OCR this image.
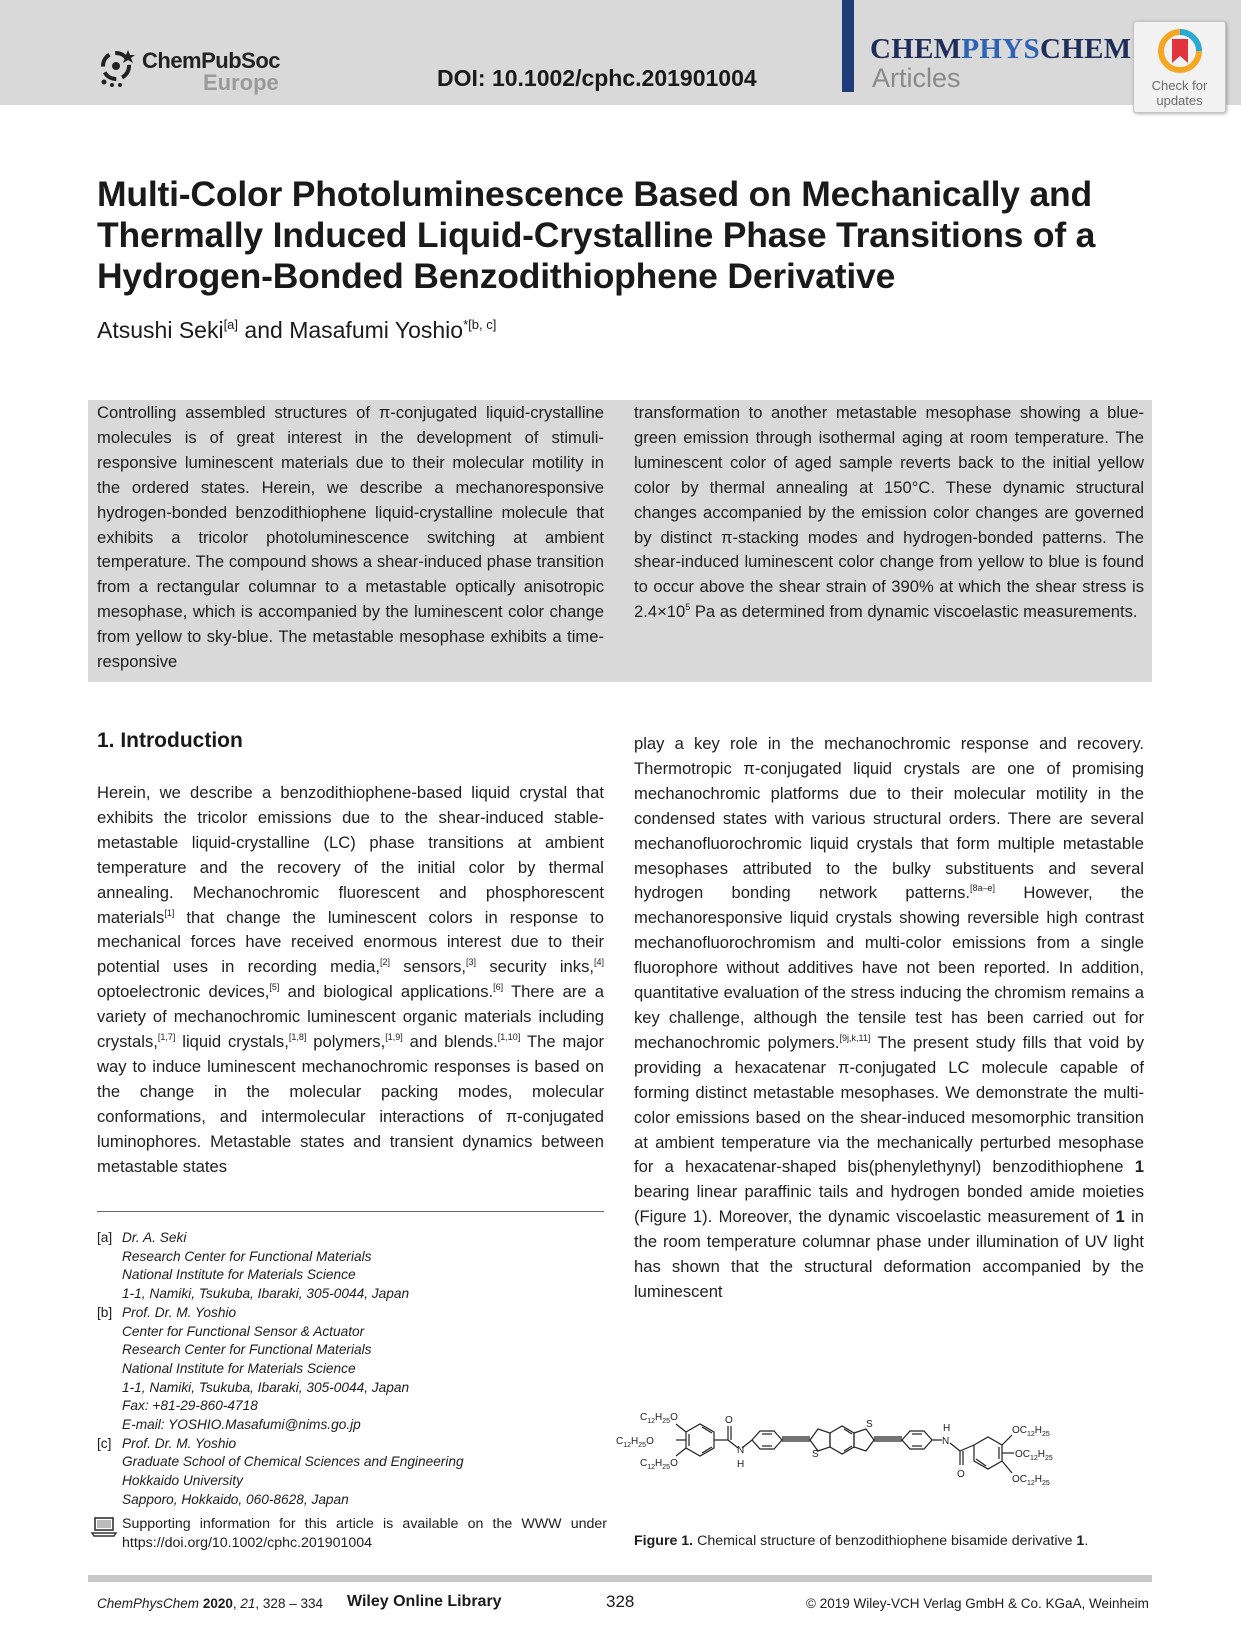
ChemPubSoc
Europe	DOI: 10.1002/cphc.201901004
CHEMPHYSCHEM
Articles	Check for
updates
Multi-Color Photoluminescence Based on Mechanically and
Thermally Induced Liquid-Crystalline Phase Transitions of a
Hydrogen-Bonded Benzodithiophene Derivative
Atsushi Seki[a] and Masafumi Yoshio$^{*[b, c]}$

Controlling assembled structures of π-conjugated liquid-crystalline molecules is of great interest in the development of stimuli-responsive luminescent materials due to their molecular motility in the ordered states. Herein, we describe a mechanoresponsive hydrogen-bonded benzodithiophene liquid-crystalline molecule that exhibits a tricolor photoluminescence switching at ambient temperature. The compound shows a shear-induced phase transition from a rectangular columnar to a metastable optically anisotropic mesophase, which is accompanied by the luminescent color change from yellow to sky-blue. The metastable mesophase exhibits a time-responsive

transformation to another metastable mesophase showing a blue-green emission through isothermal aging at room temperature. The luminescent color of aged sample reverts back to the initial yellow color by thermal annealing at 150°C. These dynamic structural changes accompanied by the emission color changes are governed by distinct π-stacking modes and hydrogen-bonded patterns. The shear-induced luminescent color change from yellow to blue is found to occur above the shear strain of 390% at which the shear stress is $2.4\times 10^5$ Pa as determined from dynamic viscoelastic measurements.

1. Introduction

Herein, we describe a benzodithiophene-based liquid crystal that exhibits the tricolor emissions due to the shear-induced stable-metastable liquid-crystalline (LC) phase transitions at ambient temperature and the recovery of the initial color by thermal annealing. Mechanochromic fluorescent and phosphorescent materials[1] that change the luminescent colors in response to mechanical forces have received enormous interest due to their potential uses in recording media,[2] sensors,[3] security inks,[4] optoelectronic devices,[5] and biological applications.[6] There are a variety of mechanochromic luminescent organic materials including crystals,[1,7] liquid crystals,[1,8] polymers,[1,9] and blends.[1,10] The major way to induce luminescent mechanochromic responses is based on the change in the molecular packing modes, molecular conformations, and intermolecular interactions of π-conjugated luminophores. Metastable states and transient dynamics between metastable states

play a key role in the mechanochromic response and recovery. Thermotropic π-conjugated liquid crystals are one of promising mechanochromic platforms due to their molecular motility in the condensed states with various structural orders. There are several mechanofluorochromic liquid crystals that form multiple metastable mesophases attributed to the bulky substituents and several hydrogen bonding network patterns.[8a–e] However, the mechanoresponsive liquid crystals showing reversible high contrast mechanofluorochromism and multi-color emissions from a single fluorophore without additives have not been reported. In addition, quantitative evaluation of the stress inducing the chromism remains a key challenge, although the tensile test has been carried out for mechanochromic polymers.[9j,k,11] The present study fills that void by providing a hexacatenar π-conjugated LC molecule capable of forming distinct metastable mesophases. We demonstrate the multi-color emissions based on the shear-induced mesomorphic transition at ambient temperature via the mechanically perturbed mesophase for a hexacatenar-shaped bis(phenylethynyl) benzodithiophene 1 bearing linear paraffinic tails and hydrogen bonded amide moieties (Figure 1). Moreover, the dynamic viscoelastic measurement of 1 in the room temperature columnar phase under illumination of UV light has shown that the structural deformation accompanied by the luminescent

[a] Dr. A. Seki
Research Center for Functional Materials
National Institute for Materials Science
1-1, Namiki, Tsukuba, Ibaraki, 305-0044, Japan
[b] Prof. Dr. M. Yoshio
Center for Functional Sensor & Actuator
Research Center for Functional Materials
National Institute for Materials Science
1-1, Namiki, Tsukuba, Ibaraki, 305-0044, Japan
Fax: +81-29-860-4718
E-mail: YOSHIO.Masafumi@nims.go.jp
[c] Prof. Dr. M. Yoshio
Graduate School of Chemical Sciences and Engineering
Hokkaido University
Sapporo, Hokkaido, 060-8628, Japan
Supporting information for this article is available on the WWW under https://doi.org/10.1002/cphc.201901004
$C_{12}H_{25}O$
$C_{12}H_{25}O$
$C_{12}H_{25}O$
O
N
H
S
S
N
H
O
$OC_{12}H_{25}$
$OC_{12}H_{25}$
$OC_{12}H_{25}$
Figure 1. Chemical structure of benzodithiophene bisamide derivative 1.
ChemPhysChem 2020, 21, 328 – 334 Wiley Online Library	328	© 2019 Wiley-VCH Verlag GmbH & Co. KGaA, Weinheim
